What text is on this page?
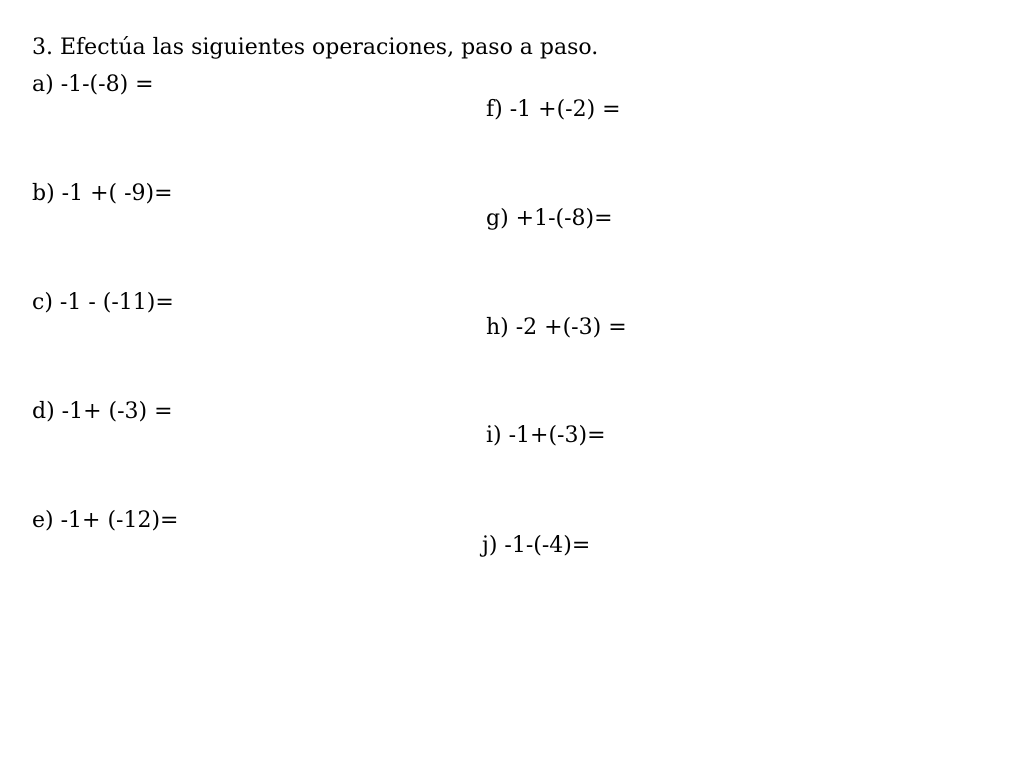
3. Efectúa las siguientes operaciones, paso a paso.
a) -1-(-8) =
b) -1 +( -9)=
c) -1 - (-11)=
d) -1+ (-3) =
e) -1+ (-12)=
f) -1 +(-2) =
g) +1-(-8)=
h) -2 +(-3) =
i) -1+(-3)=
j) -1-(-4)=
